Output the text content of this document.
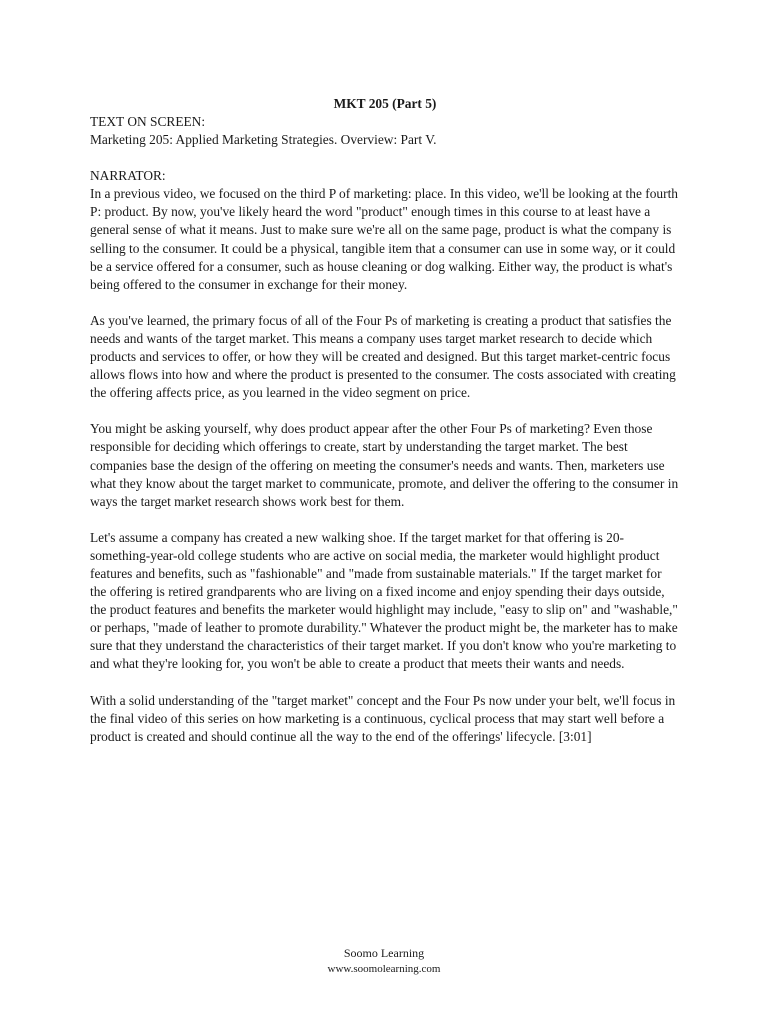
MKT 205 (Part 5)

TEXT ON SCREEN:
Marketing 205: Applied Marketing Strategies. Overview: Part V.

NARRATOR:

In a previous video, we focused on the third P of marketing: place. In this video, we'll be looking at the fourth P: product. By now, you've likely heard the word "product" enough times in this course to at least have a general sense of what it means. Just to make sure we're all on the same page, product is what the company is selling to the consumer. It could be a physical, tangible item that a consumer can use in some way, or it could be a service offered for a consumer, such as house cleaning or dog walking. Either way, the product is what's being offered to the consumer in exchange for their money.

As you've learned, the primary focus of all of the Four Ps of marketing is creating a product that satisfies the needs and wants of the target market. This means a company uses target market research to decide which products and services to offer, or how they will be created and designed. But this target market-centric focus allows flows into how and where the product is presented to the consumer. The costs associated with creating the offering affects price, as you learned in the video segment on price.

You might be asking yourself, why does product appear after the other Four Ps of marketing? Even those responsible for deciding which offerings to create, start by understanding the target market. The best companies base the design of the offering on meeting the consumer's needs and wants. Then, marketers use what they know about the target market to communicate, promote, and deliver the offering to the consumer in ways the target market research shows work best for them.

Let's assume a company has created a new walking shoe. If the target market for that offering is 20-something-year-old college students who are active on social media, the marketer would highlight product features and benefits, such as "fashionable" and "made from sustainable materials." If the target market for the offering is retired grandparents who are living on a fixed income and enjoy spending their days outside, the product features and benefits the marketer would highlight may include, "easy to slip on" and "washable," or perhaps, "made of leather to promote durability." Whatever the product might be, the marketer has to make sure that they understand the characteristics of their target market. If you don't know who you're marketing to and what they're looking for, you won't be able to create a product that meets their wants and needs.

With a solid understanding of the "target market" concept and the Four Ps now under your belt, we'll focus in the final video of this series on how marketing is a continuous, cyclical process that may start well before a product is created and should continue all the way to the end of the offerings' lifecycle. [3:01]

Soomo Learning
www.soomolearning.com
